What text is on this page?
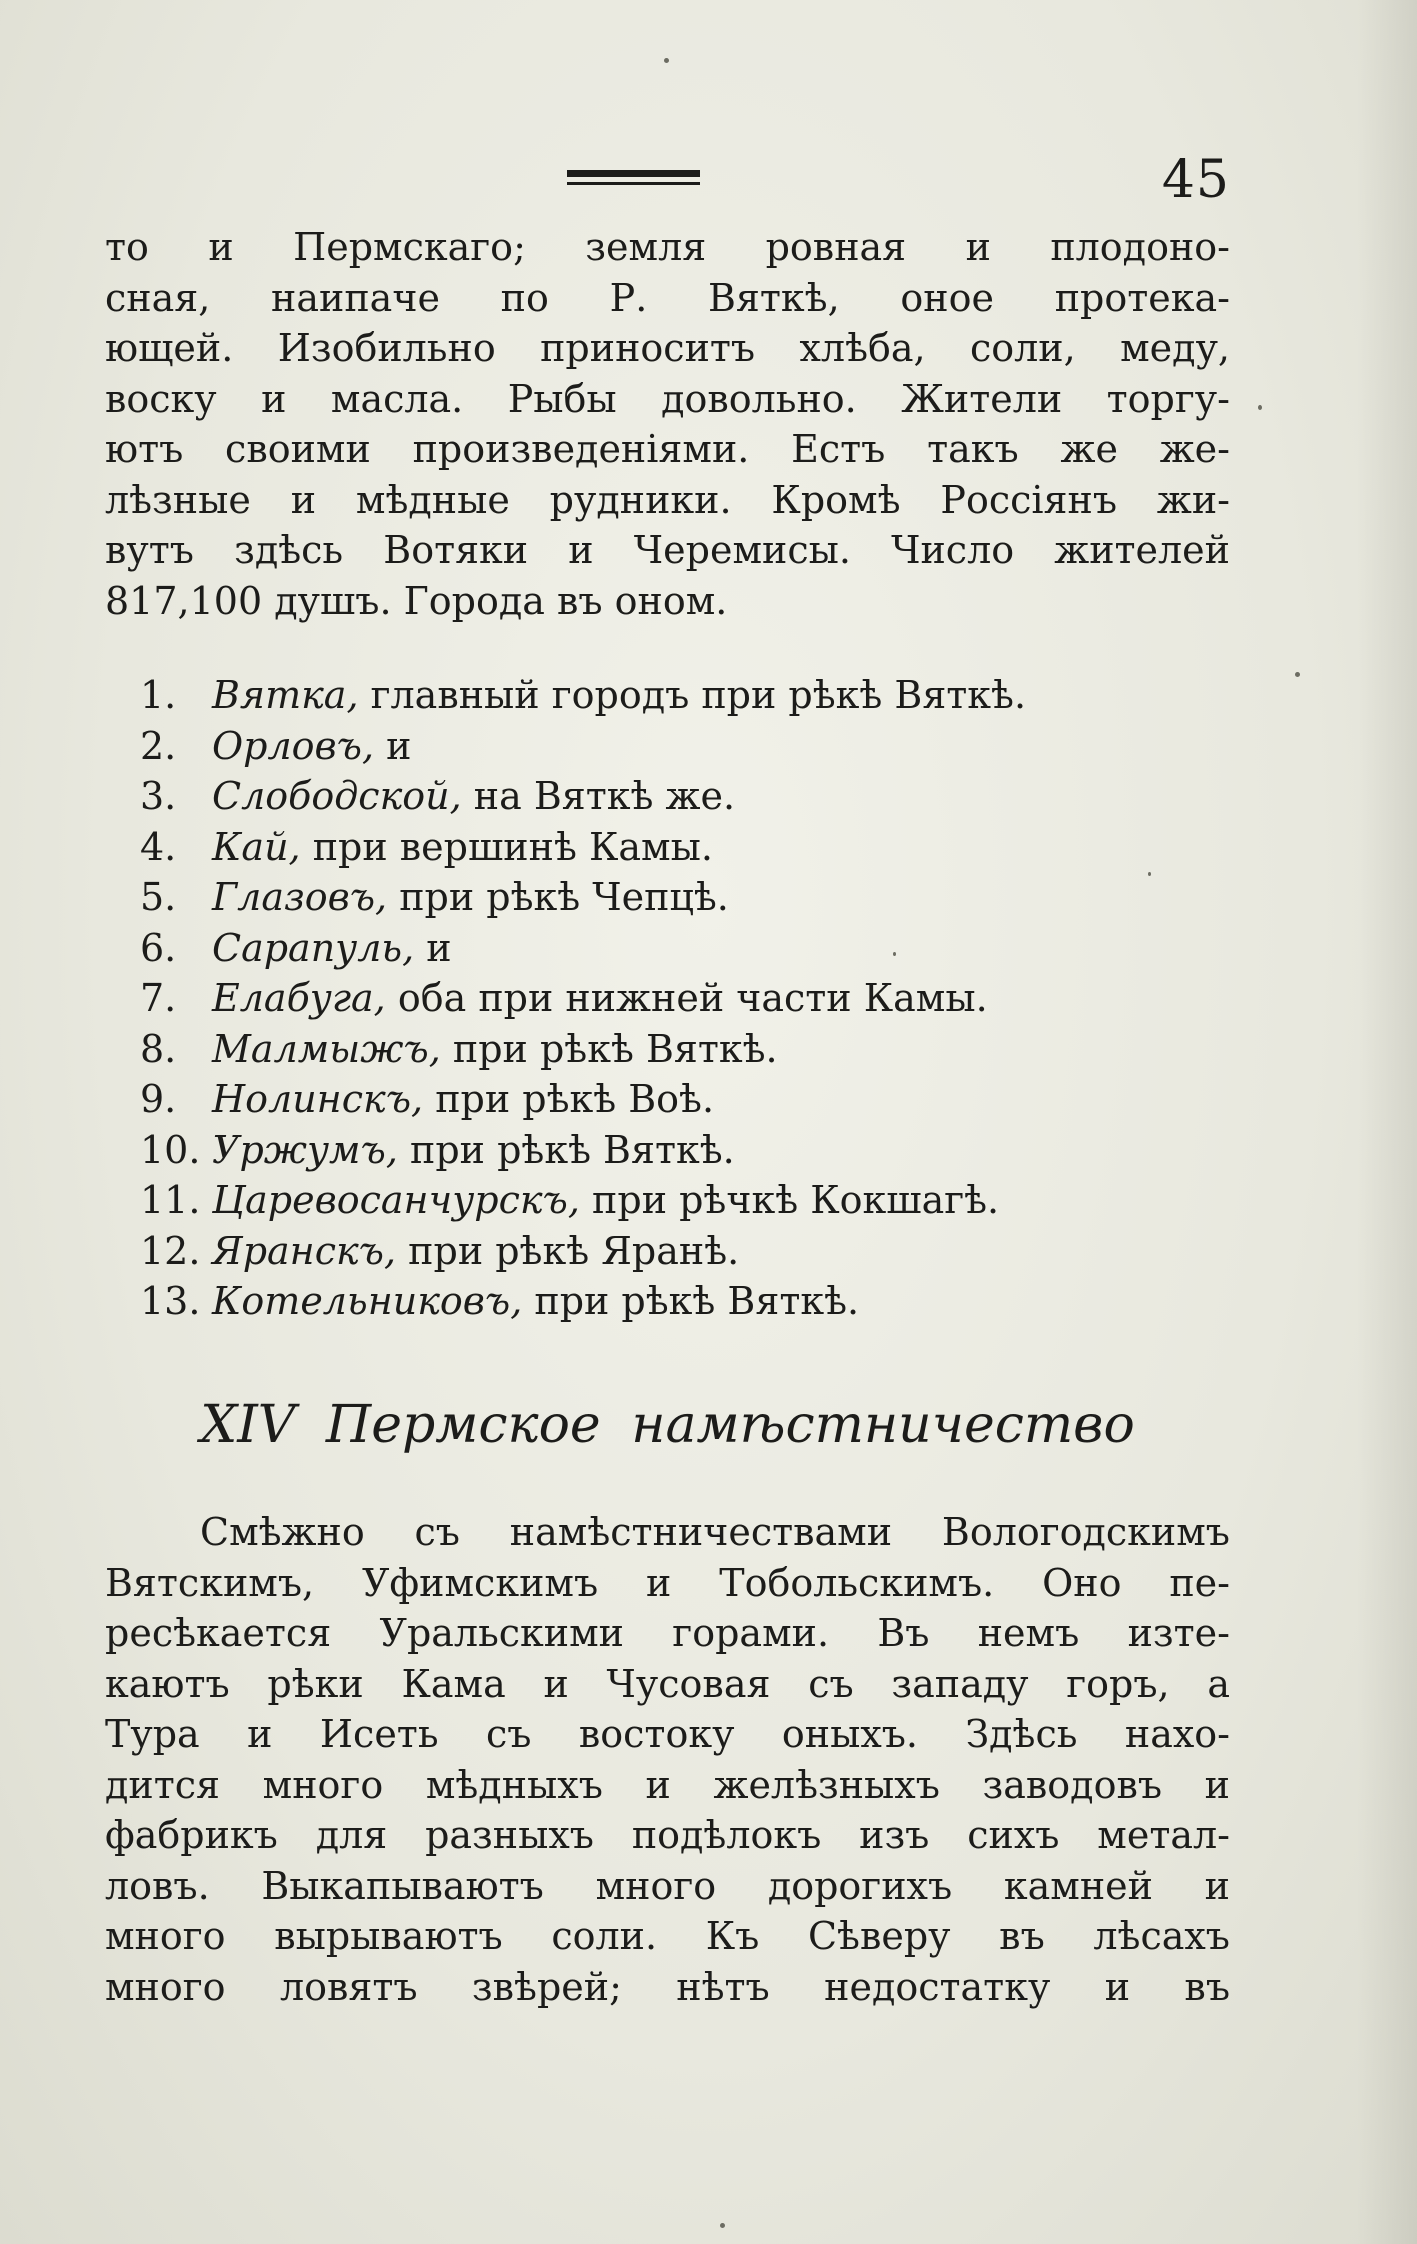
45
то и Пермскаго; земля ровная и плодоно-
сная, наипаче по Р. Вяткѣ, оное протека-
ющей. Изобильно приноситъ хлѣба, соли, меду,
воску и масла. Рыбы довольно. Жители торгу-
ютъ своими произведенiями. Естъ такъ же же-
лѣзные и мѣдные рудники. Кромѣ Россiянъ жи-
вутъ здѣсь Вотяки и Черемисы. Число жителей
817,100 душъ. Города въ оном.
1. Вятка, главный городъ при рѣкѣ Вяткѣ.
2. Орловъ, и
3. Слободской, на Вяткѣ же.
4. Кай, при вершинѣ Камы.
5. Глазовъ, при рѣкѣ Чепцѣ.
6. Сарапуль, и
7. Елабуга, оба при нижней части Камы.
8. Малмыжъ, при рѣкѣ Вяткѣ.
9. Нолинскъ, при рѣкѣ Воѣ.
10. Уржумъ, при рѣкѣ Вяткѣ.
11. Царевосанчурскъ, при рѣчкѣ Кокшагѣ.
12. Яранскъ, при рѣкѣ Яранѣ.
13. Котельниковъ, при рѣкѣ Вяткѣ.
XIV Пермское намѣстничество
Смѣжно съ намѣстничествами Вологодскимъ
Вятскимъ, Уфимскимъ и Тобольскимъ. Оно пе-
ресѣкается Уральскими горами. Въ немъ изте-
каютъ рѣки Кама и Чусовая съ западу горъ, а
Тура и Исеть съ востоку оныхъ. Здѣсь нахо-
дится много мѣдныхъ и желѣзныхъ заводовъ и
фабрикъ для разныхъ подѣлокъ изъ сихъ метал-
ловъ. Выкапываютъ много дорогихъ камней и
много вырываютъ соли. Къ Сѣверу въ лѣсахъ
много ловятъ звѣрей; нѣтъ недостатку и въ
